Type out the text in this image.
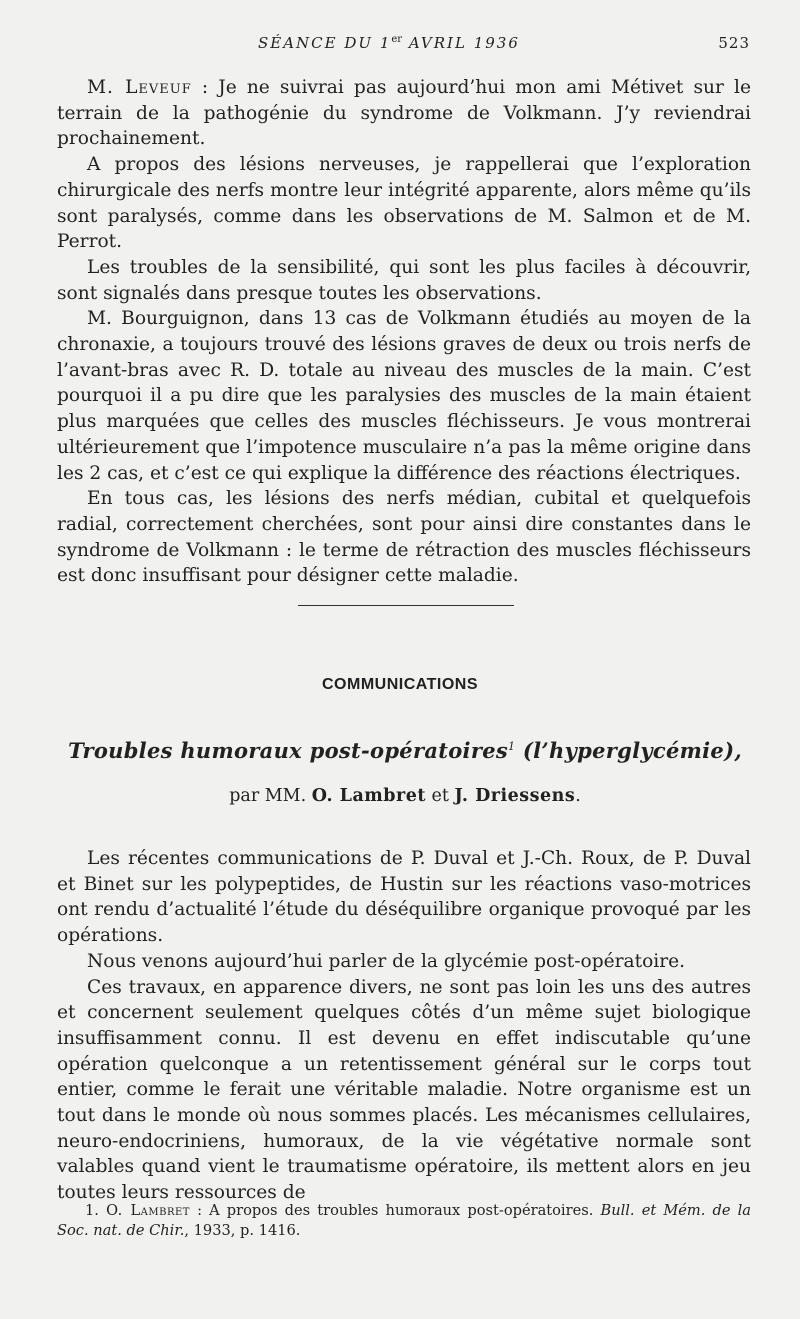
SÉANCE DU 1er AVRIL 1936	523

M. Leveuf : Je ne suivrai pas aujourd’hui mon ami Métivet sur le terrain de la pathogénie du syndrome de Volkmann. J’y reviendrai prochainement.

A propos des lésions nerveuses, je rappellerai que l’exploration chirurgicale des nerfs montre leur intégrité apparente, alors même qu’ils sont paralysés, comme dans les observations de M. Salmon et de M. Perrot.

Les troubles de la sensibilité, qui sont les plus faciles à découvrir, sont signalés dans presque toutes les observations.

M. Bourguignon, dans 13 cas de Volkmann étudiés au moyen de la chronaxie, a toujours trouvé des lésions graves de deux ou trois nerfs de l’avant-bras avec R. D. totale au niveau des muscles de la main. C’est pourquoi il a pu dire que les paralysies des muscles de la main étaient plus marquées que celles des muscles fléchisseurs. Je vous montrerai ultérieurement que l’impotence musculaire n’a pas la même origine dans les 2 cas, et c’est ce qui explique la différence des réactions électriques.

En tous cas, les lésions des nerfs médian, cubital et quelquefois radial, correctement cherchées, sont pour ainsi dire constantes dans le syndrome de Volkmann : le terme de rétraction des muscles fléchisseurs est donc insuffisant pour désigner cette maladie.

COMMUNICATIONS
Troubles humoraux post-opératoires$^1$ (l’hyperglycémie),
par MM. O. Lambret et J. Driessens.

Les récentes communications de P. Duval et J.-Ch. Roux, de P. Duval et Binet sur les polypeptides, de Hustin sur les réactions vaso-motrices ont rendu d’actualité l’étude du déséquilibre organique provoqué par les opérations.

Nous venons aujourd’hui parler de la glycémie post-opératoire.

Ces travaux, en apparence divers, ne sont pas loin les uns des autres et concernent seulement quelques côtés d’un même sujet biologique insuffisamment connu. Il est devenu en effet indiscutable qu’une opération quelconque a un retentissement général sur le corps tout entier, comme le ferait une véritable maladie. Notre organisme est un tout dans le monde où nous sommes placés. Les mécanismes cellulaires, neuro-endocriniens, humoraux, de la vie végétative normale sont valables quand vient le traumatisme opératoire, ils mettent alors en jeu toutes leurs ressources de

1. O. Lambret : A propos des troubles humoraux post-opératoires. Bull. et Mém. de la Soc. nat. de Chir., 1933, p. 1416.
